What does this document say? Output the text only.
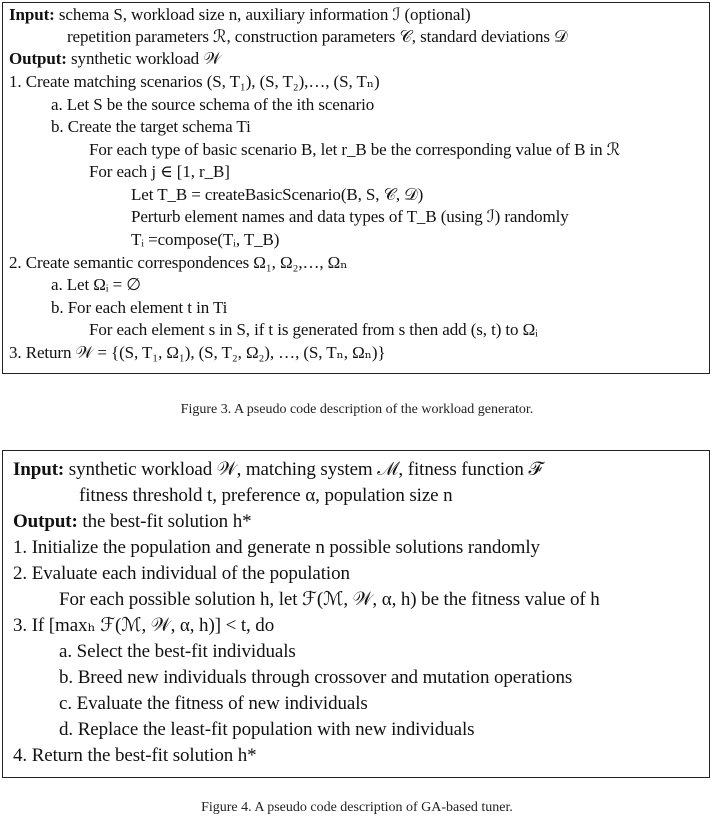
Input: schema S, workload size n, auxiliary information ℐ (optional)
repetition parameters ℛ, construction parameters 𝒞, standard deviations 𝒟
Output: synthetic workload 𝒲
1. Create matching scenarios (S, T₁), (S, T₂),…, (S, Tₙ)
a. Let S be the source schema of the ith scenario
b. Create the target schema Ti
For each type of basic scenario B, let r_B be the corresponding value of B in ℛ
For each j ∈ [1, r_B]
Let T_B = createBasicScenario(B, S, 𝒞, 𝒟)
Perturb element names and data types of T_B (using ℐ) randomly
Tᵢ =compose(Tᵢ, T_B)
2. Create semantic correspondences Ω₁, Ω₂,…, Ωₙ
a. Let Ωᵢ = ∅
b. For each element t in Ti
For each element s in S, if t is generated from s then add (s, t) to Ωᵢ
3. Return 𝒲 = {(S, T₁, Ω₁), (S, T₂, Ω₂), …, (S, Tₙ, Ωₙ)}
Figure 3. A pseudo code description of the workload generator.
Input: synthetic workload 𝒲, matching system ℳ, fitness function ℱ
fitness threshold t, preference α, population size n
Output: the best-fit solution h*
1. Initialize the population and generate n possible solutions randomly
2. Evaluate each individual of the population
For each possible solution h, let ℱ(ℳ, 𝒲, α, h) be the fitness value of h
3. If [maxₕ ℱ(ℳ, 𝒲, α, h)] < t, do
a. Select the best-fit individuals
b. Breed new individuals through crossover and mutation operations
c. Evaluate the fitness of new individuals
d. Replace the least-fit population with new individuals
4. Return the best-fit solution h*
Figure 4. A pseudo code description of GA-based tuner.
